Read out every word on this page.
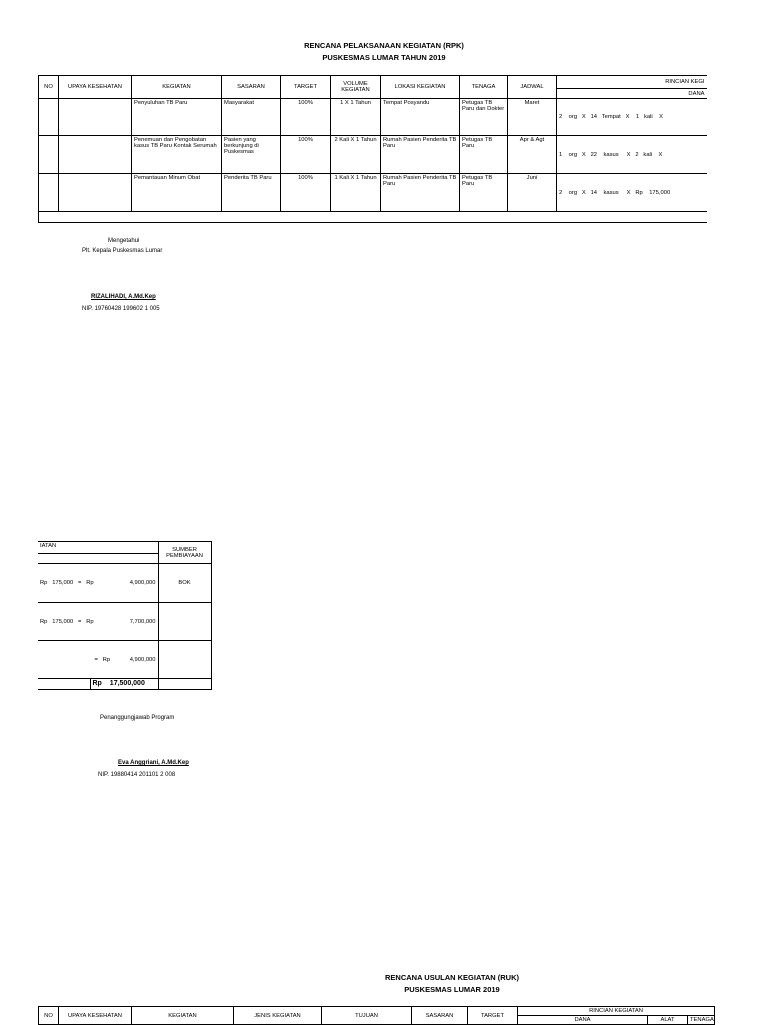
RENCANA PELAKSANAAN KEGIATAN (RPK)
PUSKESMAS LUMAR TAHUN 2019
NO	UPAYA KESEHATAN	KEGIATAN	SASARAN	TARGET	VOLUME KEGIATAN	LOKASI KEGIATAN	TENAGA	JADWAL	RINCIAN KEGI
									DANA
		Penyuluhan TB Paru	Masyarakat	100%	1 X 1 Tahun	Tempat Posyandu	Petugas TB Paru dan Dokter	Maret	2    org   X   14   Tempat   X    1   kali    X
		Penemuan dan Pengobatan kasus TB Paru Kontak Serumah	Pasien yang berkunjung di Puskesmas	100%	2 Kali X 1 Tahun	Rumah Pasien Penderita TB Paru	Petugas TB Paru	Apr & Agt	1    org   X   22    kasus     X   2   kali    X
		Pemantauan Minum Obat	Penderita TB Paru	100%	1 Kali X 1 Tahun	Rumah Pasien Penderita TB Paru	Petugas TB Paru	Juni	2    org   X   14    kasus     X   Rp    175,000

Mengetahui
Plt. Kepala Puskesmas Lumar
RIZALIHADI, A.Md.Kep
NIP. 19760428 199602 1 005
IATAN		SUMBER PEMBIAYAAN

Rp   175,000   =   Rp 4,900,000		BOK
Rp   175,000   =   Rp 7,700,000		

=   Rp 4,900,000		
	Rp 17,500,000	
Penanggungjawab Program
Eva Anggriani, A.Md.Kep
NIP. 19880414 201101 2 008
RENCANA USULAN KEGIATAN (RUK)
PUSKESMAS LUMAR 2019
NO	UPAYA KESEHATAN	KEGIATAN	JENIS KEGIATAN	TUJUAN	SASARAN	TARGET	RINCIAN KEGIATAN		
							DANA	ALAT	TENAGA
